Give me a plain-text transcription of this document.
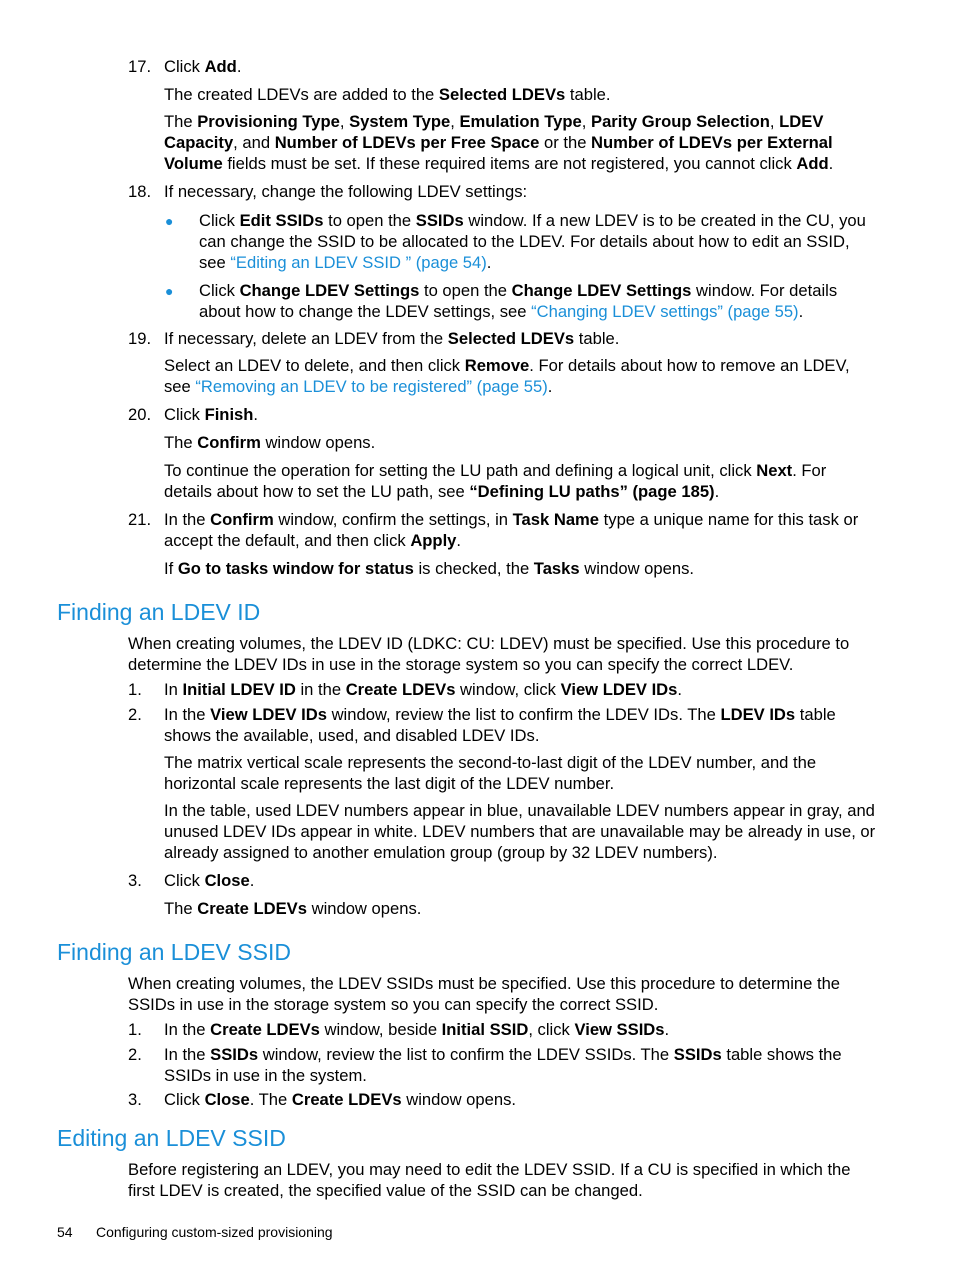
17. Click Add.
The created LDEVs are added to the Selected LDEVs table.
The Provisioning Type, System Type, Emulation Type, Parity Group Selection, LDEV Capacity, and Number of LDEVs per Free Space or the Number of LDEVs per External Volume fields must be set. If these required items are not registered, you cannot click Add.
18. If necessary, change the following LDEV settings:
● Click Edit SSIDs to open the SSIDs window. If a new LDEV is to be created in the CU, you can change the SSID to be allocated to the LDEV. For details about how to edit an SSID, see “Editing an LDEV SSID ” (page 54).
● Click Change LDEV Settings to open the Change LDEV Settings window. For details about how to change the LDEV settings, see “Changing LDEV settings” (page 55).
19. If necessary, delete an LDEV from the Selected LDEVs table.
Select an LDEV to delete, and then click Remove. For details about how to remove an LDEV, see “Removing an LDEV to be registered” (page 55).
20. Click Finish.
The Confirm window opens.
To continue the operation for setting the LU path and defining a logical unit, click Next. For details about how to set the LU path, see “Defining LU paths” (page 185).
21. In the Confirm window, confirm the settings, in Task Name type a unique name for this task or accept the default, and then click Apply.
If Go to tasks window for status is checked, the Tasks window opens.
Finding an LDEV ID
When creating volumes, the LDEV ID (LDKC: CU: LDEV) must be specified. Use this procedure to determine the LDEV IDs in use in the storage system so you can specify the correct LDEV.
1. In Initial LDEV ID in the Create LDEVs window, click View LDEV IDs.
2. In the View LDEV IDs window, review the list to confirm the LDEV IDs. The LDEV IDs table shows the available, used, and disabled LDEV IDs.
The matrix vertical scale represents the second-to-last digit of the LDEV number, and the horizontal scale represents the last digit of the LDEV number.
In the table, used LDEV numbers appear in blue, unavailable LDEV numbers appear in gray, and unused LDEV IDs appear in white. LDEV numbers that are unavailable may be already in use, or already assigned to another emulation group (group by 32 LDEV numbers).
3. Click Close.
The Create LDEVs window opens.
Finding an LDEV SSID
When creating volumes, the LDEV SSIDs must be specified. Use this procedure to determine the SSIDs in use in the storage system so you can specify the correct SSID.
1. In the Create LDEVs window, beside Initial SSID, click View SSIDs.
2. In the SSIDs window, review the list to confirm the LDEV SSIDs. The SSIDs table shows the SSIDs in use in the system.
3. Click Close. The Create LDEVs window opens.
Editing an LDEV SSID
Before registering an LDEV, you may need to edit the LDEV SSID. If a CU is specified in which the first LDEV is created, the specified value of the SSID can be changed.
54 Configuring custom-sized provisioning
